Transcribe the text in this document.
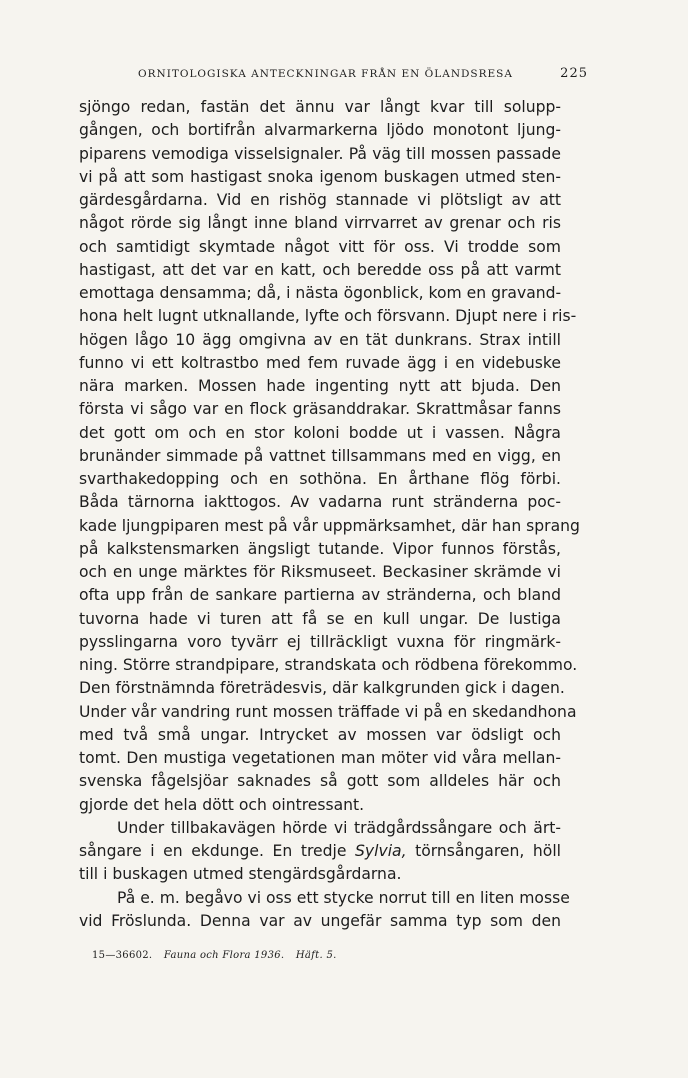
ORNITOLOGISKA ANTECKNINGAR FRÅN EN ÖLANDSRESA	225
sjöngo redan, fastän det ännu var långt kvar till solupp-
gången, och bortifrån alvarmarkerna ljödo monotont ljung-
piparens vemodiga visselsignaler. På väg till mossen passade
vi på att som hastigast snoka igenom buskagen utmed sten-
gärdesgårdarna. Vid en rishög stannade vi plötsligt av att
något rörde sig långt inne bland virrvarret av grenar och ris
och samtidigt skymtade något vitt för oss. Vi trodde som
hastigast, att det var en katt, och beredde oss på att varmt
emottaga densamma; då, i nästa ögonblick, kom en gravand-
hona helt lugnt utknallande, lyfte och försvann. Djupt nere i ris-
högen lågo 10 ägg omgivna av en tät dunkrans. Strax intill
funno vi ett koltrastbo med fem ruvade ägg i en videbuske
nära marken. Mossen hade ingenting nytt att bjuda. Den
första vi sågo var en flock gräsanddrakar. Skrattmåsar fanns
det gott om och en stor koloni bodde ut i vassen. Några
brunänder simmade på vattnet tillsammans med en vigg, en
svarthakedopping och en sothöna. En årthane flög förbi.
Båda tärnorna iakttogos. Av vadarna runt stränderna poc-
kade ljungpiparen mest på vår uppmärksamhet, där han sprang
på kalkstensmarken ängsligt tutande. Vipor funnos förstås,
och en unge märktes för Riksmuseet. Beckasiner skrämde vi
ofta upp från de sankare partierna av stränderna, och bland
tuvorna hade vi turen att få se en kull ungar. De lustiga
pysslingarna voro tyvärr ej tillräckligt vuxna för ringmärk-
ning. Större strandpipare, strandskata och rödbena förekommo.
Den förstnämnda företrädesvis, där kalkgrunden gick i dagen.
Under vår vandring runt mossen träffade vi på en skedandhona
med två små ungar. Intrycket av mossen var ödsligt och
tomt. Den mustiga vegetationen man möter vid våra mellan-
svenska fågelsjöar saknades så gott som alldeles här och
gjorde det hela dött och ointressant.
Under tillbakavägen hörde vi trädgårdssångare och ärt-
sångare i en ekdunge. En tredje Sylvia, törnsångaren, höll
till i buskagen utmed stengärdsgårdarna.
På e. m. begåvo vi oss ett stycke norrut till en liten mosse
vid Fröslunda. Denna var av ungefär samma typ som den
15—36602. Fauna och Flora 1936. Häft. 5.
